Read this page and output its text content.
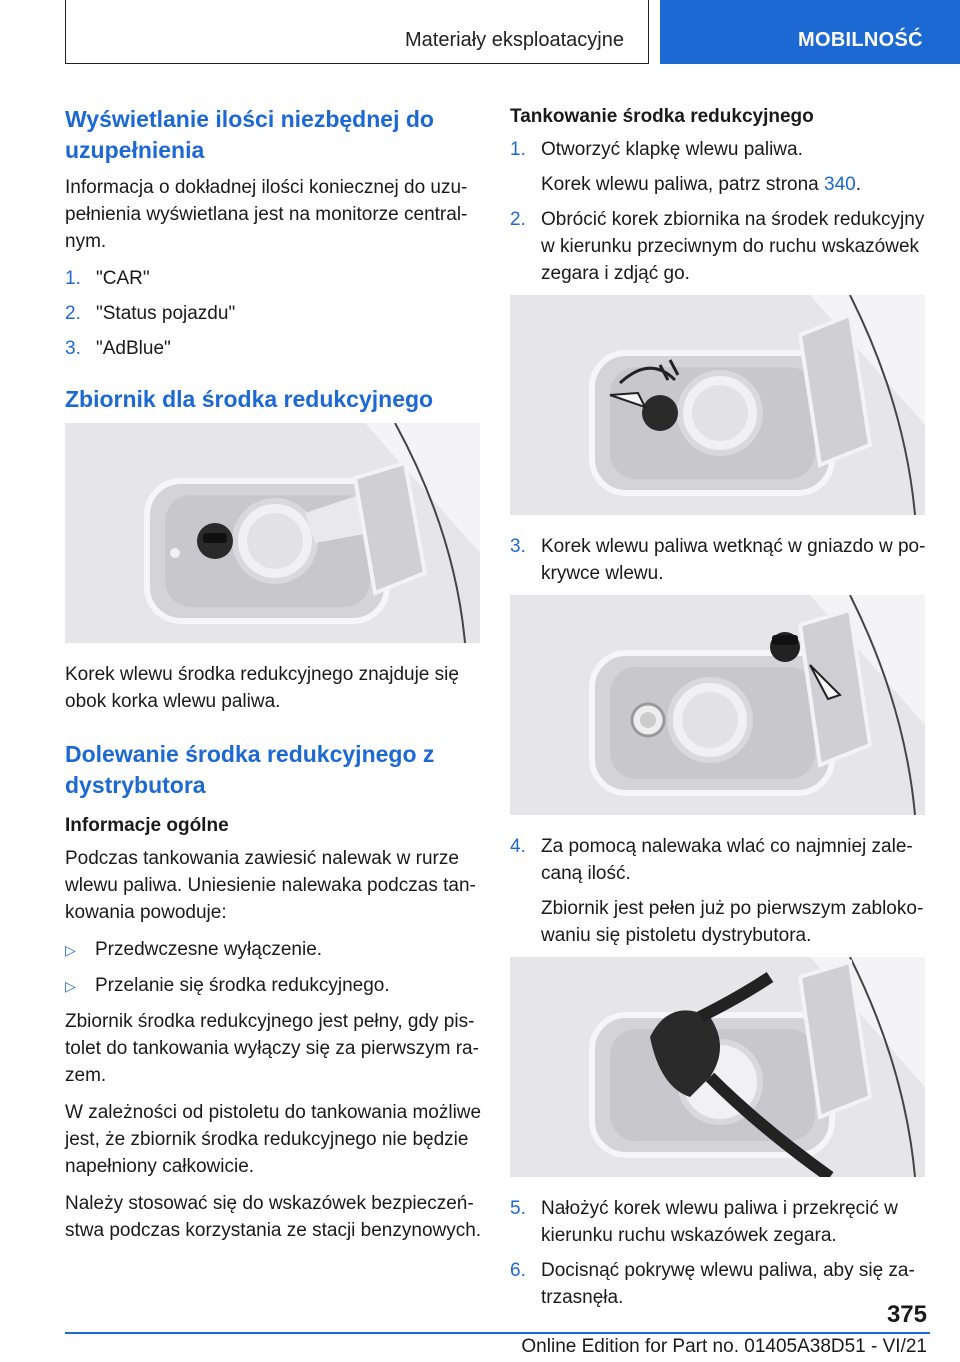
Materiały eksploatacyjne	MOBILNOŚĆ
Wyświetlanie ilości niezbędnej do uzupełnienia

Informacja o dokładnej ilości koniecznej do uzu-pełnienia wyświetlana jest na monitorze central-nym.

1. "CAR"
2. "Status pojazdu"
3. "AdBlue"
Zbiornik dla środka redukcyjnego

Korek wlewu środka redukcyjnego znajduje się obok korka wlewu paliwa.

Dolewanie środka redukcyjnego z dystrybutora
Informacje ogólne

Podczas tankowania zawiesić nalewak w rurze wlewu paliwa. Uniesienie nalewaka podczas tan-kowania powoduje:

▷	Przedwczesne wyłączenie.
▷	Przelanie się środka redukcyjnego.

Zbiornik środka redukcyjnego jest pełny, gdy pis-tolet do tankowania wyłączy się za pierwszym ra-zem.

W zależności od pistoletu do tankowania możliwe jest, że zbiornik środka redukcyjnego nie będzie napełniony całkowicie.

Należy stosować się do wskazówek bezpieczeń-stwa podczas korzystania ze stacji benzynowych.

Tankowanie środka redukcyjnego
1. Otworzyć klapkę wlewu paliwa.
Korek wlewu paliwa, patrz strona 340.
2. Obrócić korek zbiornika na środek redukcyjny w kierunku przeciwnym do ruchu wskazówek zegara i zdjąć go.
3. Korek wlewu paliwa wetknąć w gniazdo w po-krywce wlewu.
4. Za pomocą nalewaka wlać co najmniej zale-caną ilość.
Zbiornik jest pełen już po pierwszym zabloko-waniu się pistoletu dystrybutora.
5. Nałożyć korek wlewu paliwa i przekręcić w kierunku ruchu wskazówek zegara.
6. Docisnąć pokrywę wlewu paliwa, aby się za-trzasnęła.
375
Online Edition for Part no. 01405A38D51 - VI/21
